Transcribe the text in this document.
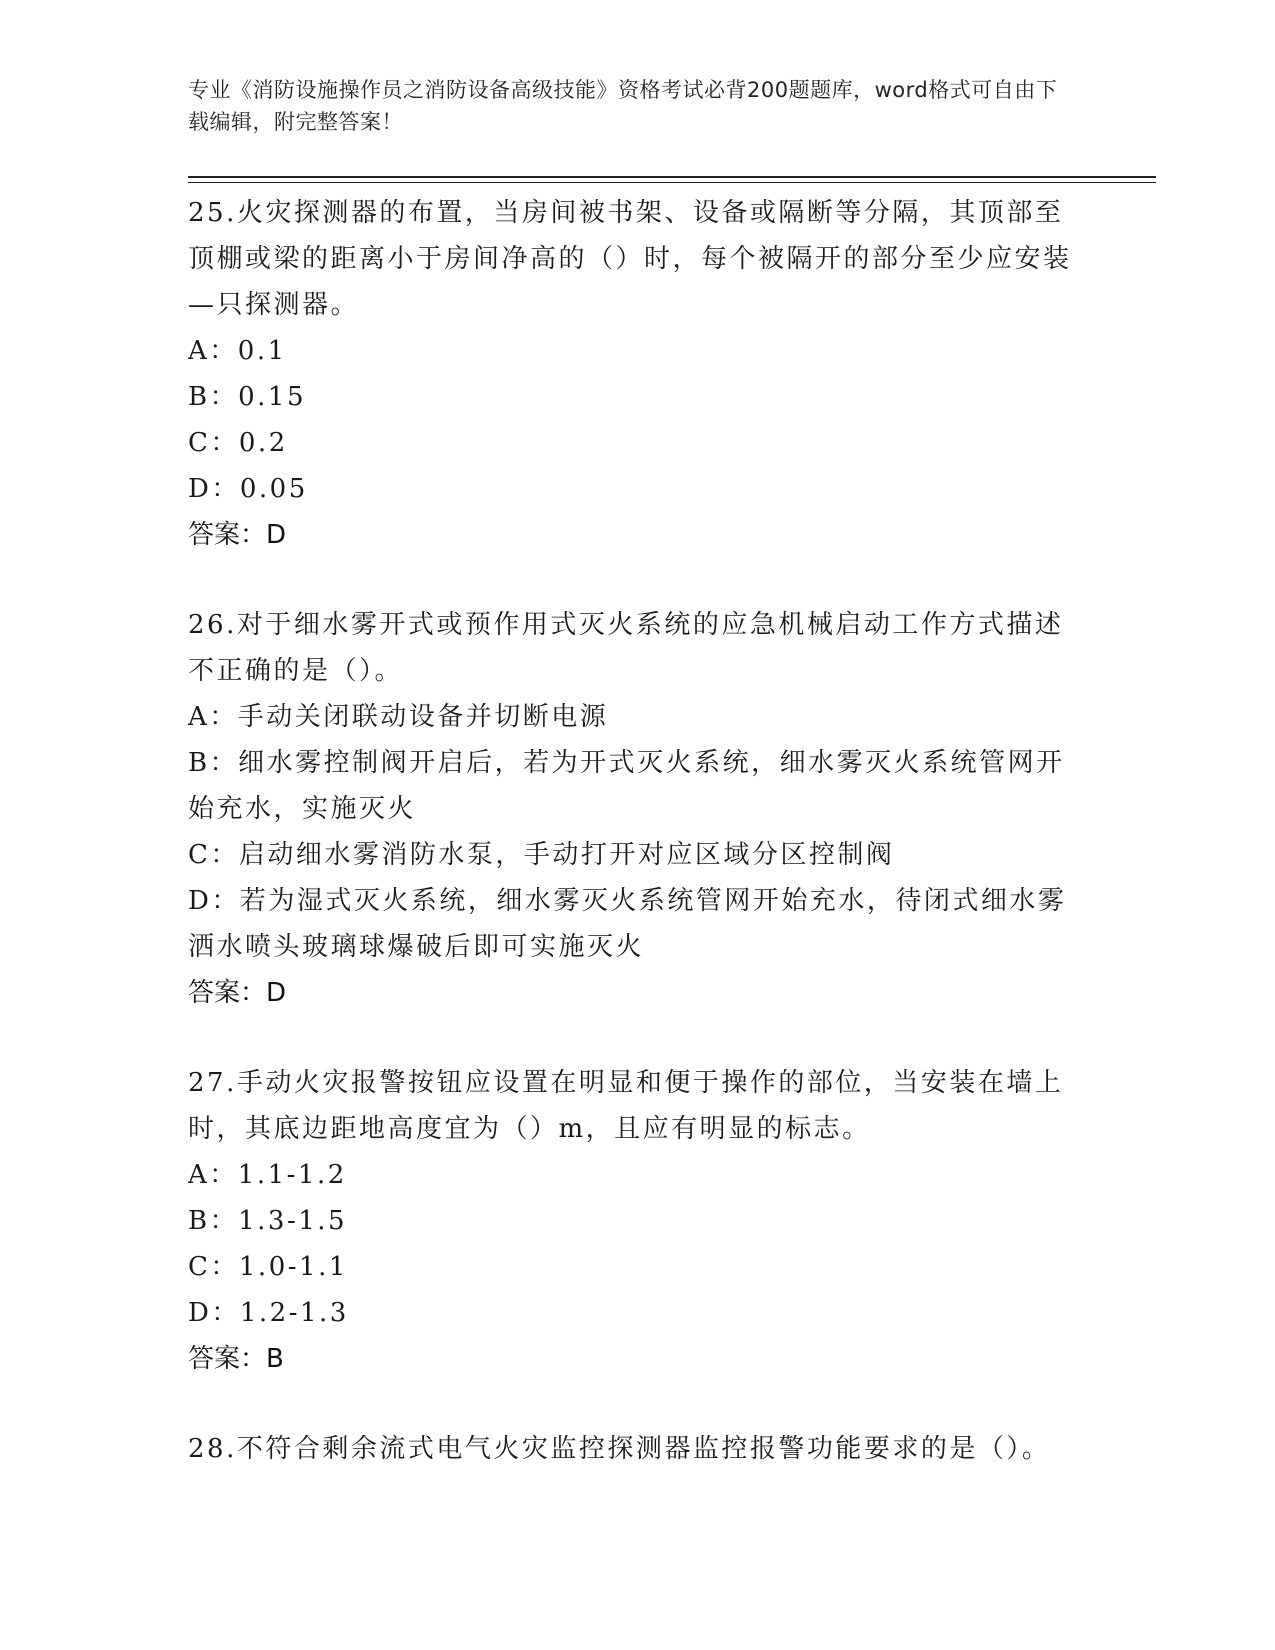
专业《消防设施操作员之消防设备高级技能》资格考试必背200题题库，word格式可自由下载编辑，附完整答案！

25.火灾探测器的布置，当房间被书架、设备或隔断等分隔，其顶部至顶棚或梁的距离小于房间净高的（）时，每个被隔开的部分至少应安装—只探测器。

A：0.1

B：0.15

C：0.2

D：0.05

答案：D

26.对于细水雾开式或预作用式灭火系统的应急机械启动工作方式描述不正确的是（）。

A：手动关闭联动设备并切断电源

B：细水雾控制阀开启后，若为开式灭火系统，细水雾灭火系统管网开始充水，实施灭火

C：启动细水雾消防水泵，手动打开对应区域分区控制阀

D：若为湿式灭火系统，细水雾灭火系统管网开始充水，待闭式细水雾洒水喷头玻璃球爆破后即可实施灭火

答案：D

27.手动火灾报警按钮应设置在明显和便于操作的部位，当安装在墙上时，其底边距地高度宜为（）m，且应有明显的标志。

A：1.1-1.2

B：1.3-1.5

C：1.0-1.1

D：1.2-1.3

答案：B

28.不符合剩余流式电气火灾监控探测器监控报警功能要求的是（）。
